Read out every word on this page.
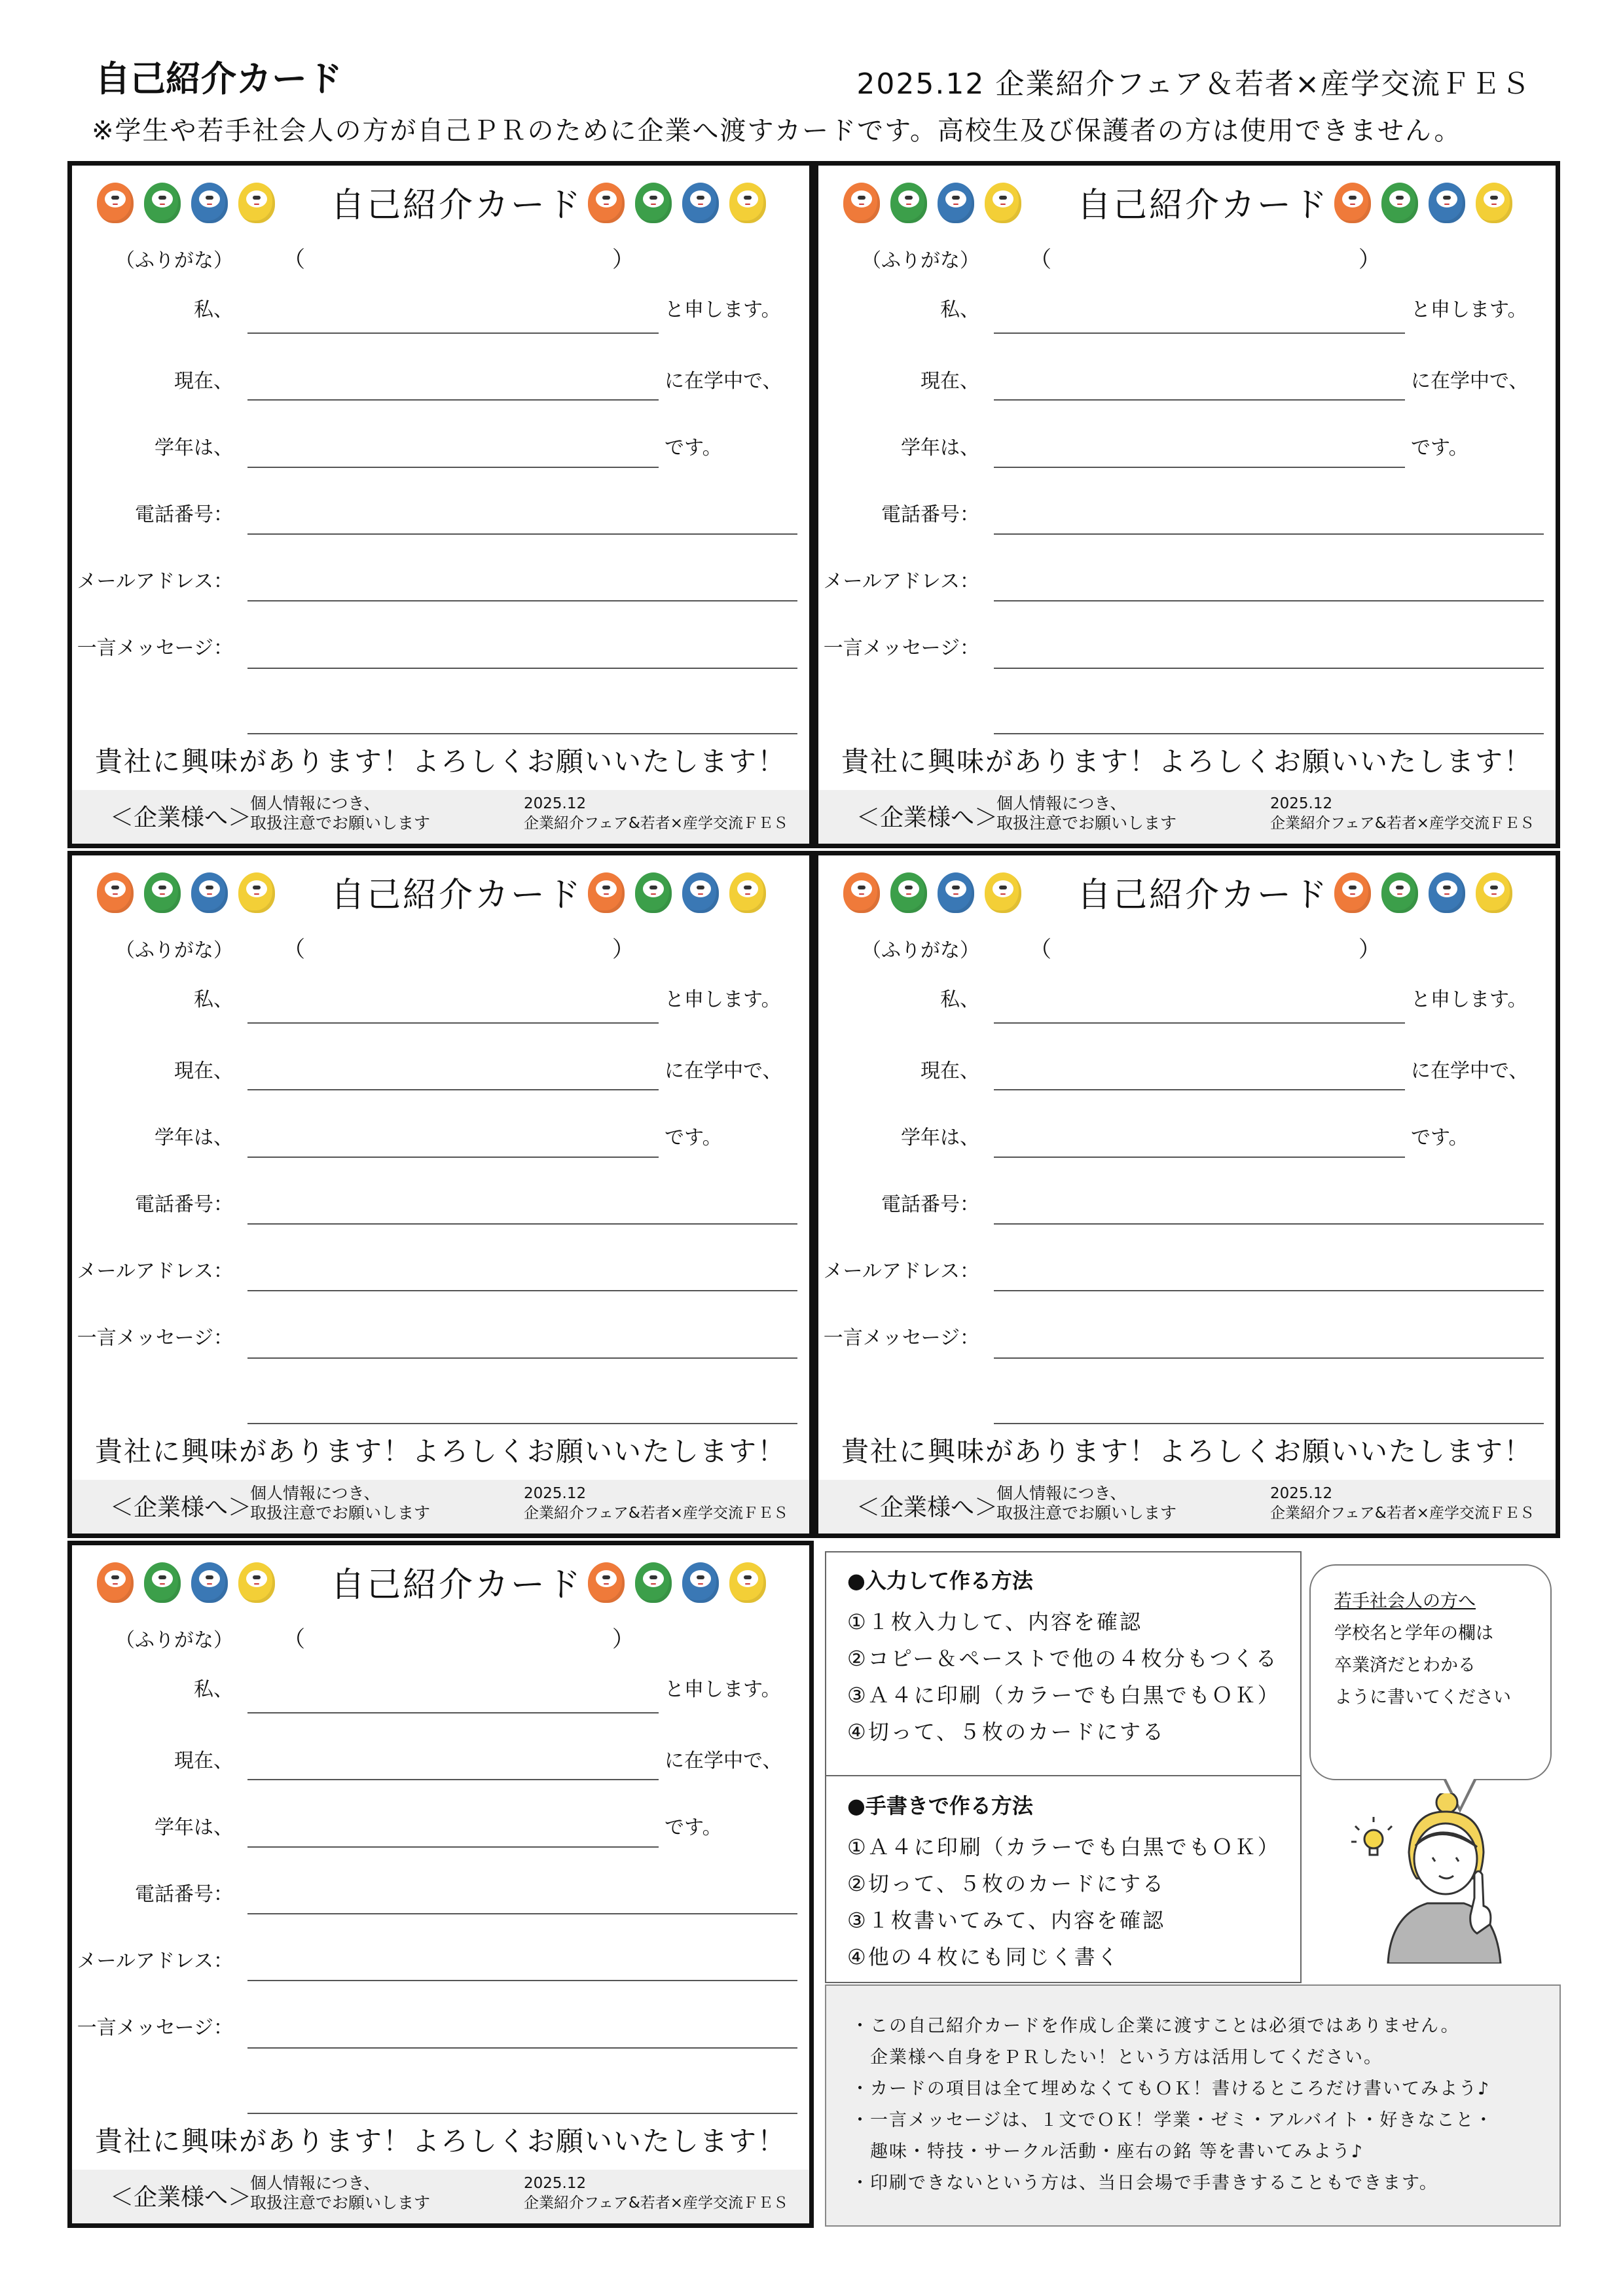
自己紹介カード	2025.12 企業紹介フェア＆若者×産学交流ＦＥＳ
※学生や若手社会人の方が自己ＰＲのために企業へ渡すカードです。高校生及び保護者の方は使用できません。
自己紹介カード
（ふりがな） （	）
私、	と申します。
現在、	に在学中で、
学年は、	です。
電話番号：
メールアドレス：
一言メッセージ：
貴社に興味があります！よろしくお願いいたします！
＜企業様へ＞
個人情報につき、
取扱注意でお願いします
2025.12
企業紹介フェア&若者×産学交流ＦＥＳ
自己紹介カード
（ふりがな） （	）
私、	と申します。
現在、	に在学中で、
学年は、	です。
電話番号：
メールアドレス：
一言メッセージ：
貴社に興味があります！よろしくお願いいたします！
＜企業様へ＞
個人情報につき、
取扱注意でお願いします
2025.12
企業紹介フェア&若者×産学交流ＦＥＳ
自己紹介カード
（ふりがな） （	）
私、	と申します。
現在、	に在学中で、
学年は、	です。
電話番号：
メールアドレス：
一言メッセージ：
貴社に興味があります！よろしくお願いいたします！
＜企業様へ＞
個人情報につき、
取扱注意でお願いします
2025.12
企業紹介フェア&若者×産学交流ＦＥＳ
自己紹介カード
（ふりがな） （	）
私、	と申します。
現在、	に在学中で、
学年は、	です。
電話番号：
メールアドレス：
一言メッセージ：
貴社に興味があります！よろしくお願いいたします！
＜企業様へ＞
個人情報につき、
取扱注意でお願いします
2025.12
企業紹介フェア&若者×産学交流ＦＥＳ
自己紹介カード
（ふりがな） （	）
私、	と申します。
現在、	に在学中で、
学年は、	です。
電話番号：
メールアドレス：
一言メッセージ：
貴社に興味があります！よろしくお願いいたします！
＜企業様へ＞
個人情報につき、
取扱注意でお願いします
2025.12
企業紹介フェア&若者×産学交流ＦＥＳ
●入力して作る方法
①１枚入力して、内容を確認
②コピー＆ペーストで他の４枚分もつくる
③Ａ４に印刷（カラーでも白黒でもＯＫ）
④切って、５枚のカードにする
●手書きで作る方法
①Ａ４に印刷（カラーでも白黒でもＯＫ）
②切って、５枚のカードにする
③１枚書いてみて、内容を確認
④他の４枚にも同じく書く
若手社会人の方へ
学校名と学年の欄は
卒業済だとわかる
ように書いてください
・この自己紹介カードを作成し企業に渡すことは必須ではありません。
　企業様へ自身をＰＲしたい！という方は活用してください。
・カードの項目は全て埋めなくてもＯＫ！書けるところだけ書いてみよう♪
・一言メッセージは、１文でＯＫ！学業・ゼミ・アルバイト・好きなこと・
　趣味・特技・サークル活動・座右の銘 等を書いてみよう♪
・印刷できないという方は、当日会場で手書きすることもできます。
